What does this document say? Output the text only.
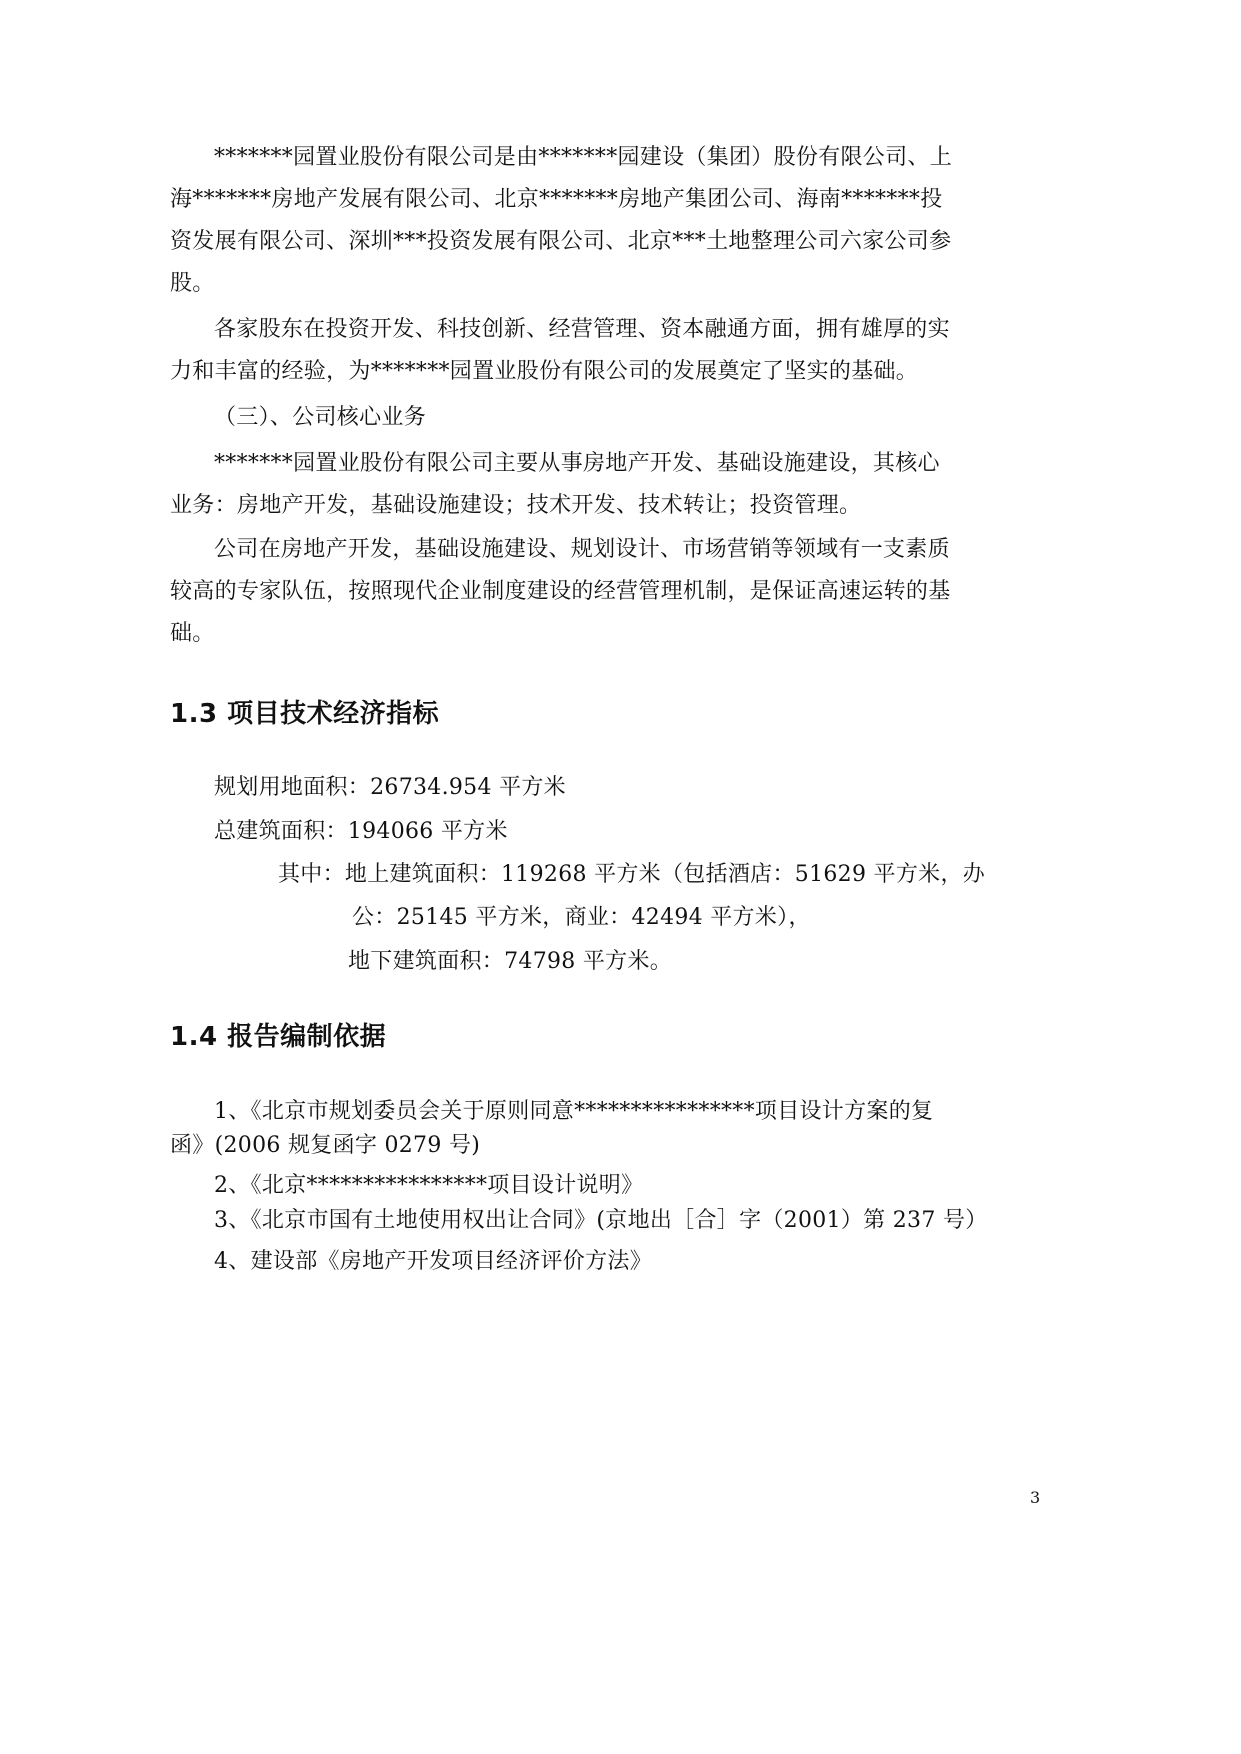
*******园置业股份有限公司是由*******园建设（集团）股份有限公司、上
海*******房地产发展有限公司、北京*******房地产集团公司、海南*******投
资发展有限公司、深圳***投资发展有限公司、北京***土地整理公司六家公司参
股。
各家股东在投资开发、科技创新、经营管理、资本融通方面，拥有雄厚的实
力和丰富的经验，为*******园置业股份有限公司的发展奠定了坚实的基础。
（三）、公司核心业务
*******园置业股份有限公司主要从事房地产开发、基础设施建设，其核心
业务：房地产开发，基础设施建设；技术开发、技术转让；投资管理。
公司在房地产开发，基础设施建设、规划设计、市场营销等领域有一支素质
较高的专家队伍，按照现代企业制度建设的经营管理机制，是保证高速运转的基
础。
1.3 项目技术经济指标
规划用地面积：26734.954 平方米
总建筑面积：194066 平方米
其中：地上建筑面积：119268 平方米（包括酒店：51629 平方米，办
公：25145 平方米，商业：42494 平方米），
地下建筑面积：74798 平方米。
1.4 报告编制依据
1、《北京市规划委员会关于原则同意****************项目设计方案的复
函》(2006 规复函字 0279 号)
2、《北京****************项目设计说明》
3、《北京市国有土地使用权出让合同》(京地出［合］字（2001）第 237 号）
4、建设部《房地产开发项目经济评价方法》
3
